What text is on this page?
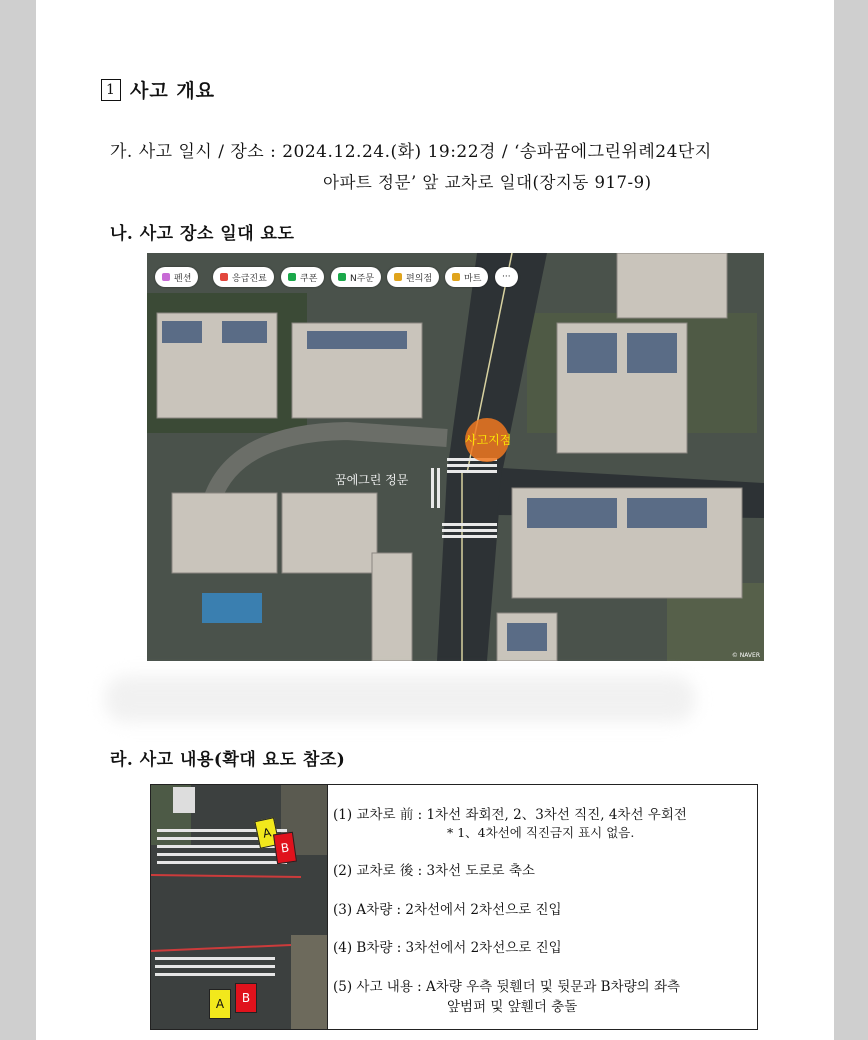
1 사고 개요
가. 사고 일시 / 장소 : 2024.12.24.(화) 19:22경 / ‘송파꿈에그린위례24단지
아파트 정문’ 앞 교차로 일대(장지동 917-9)
나. 사고 장소 일대 요도
펜션	응급진료	쿠폰	N주문	편의점	마트 ···
사고지점
꿈에그린 정문
© NAVER
라. 사고 내용(확대 요도 참조)
A
B
A	B
(1) 교차로 前 : 1차선 좌회전, 2、3차선 직진, 4차선 우회전
* 1、4차선에 직진금지 표시 없음.
(2) 교차로 後 : 3차선 도로로 축소
(3) A차량 : 2차선에서 2차선으로 진입
(4) B차량 : 3차선에서 2차선으로 진입
(5) 사고 내용 : A차량 우측 뒷휀더 및 뒷문과 B차량의 좌측
앞범퍼 및 앞휀더 충돌
